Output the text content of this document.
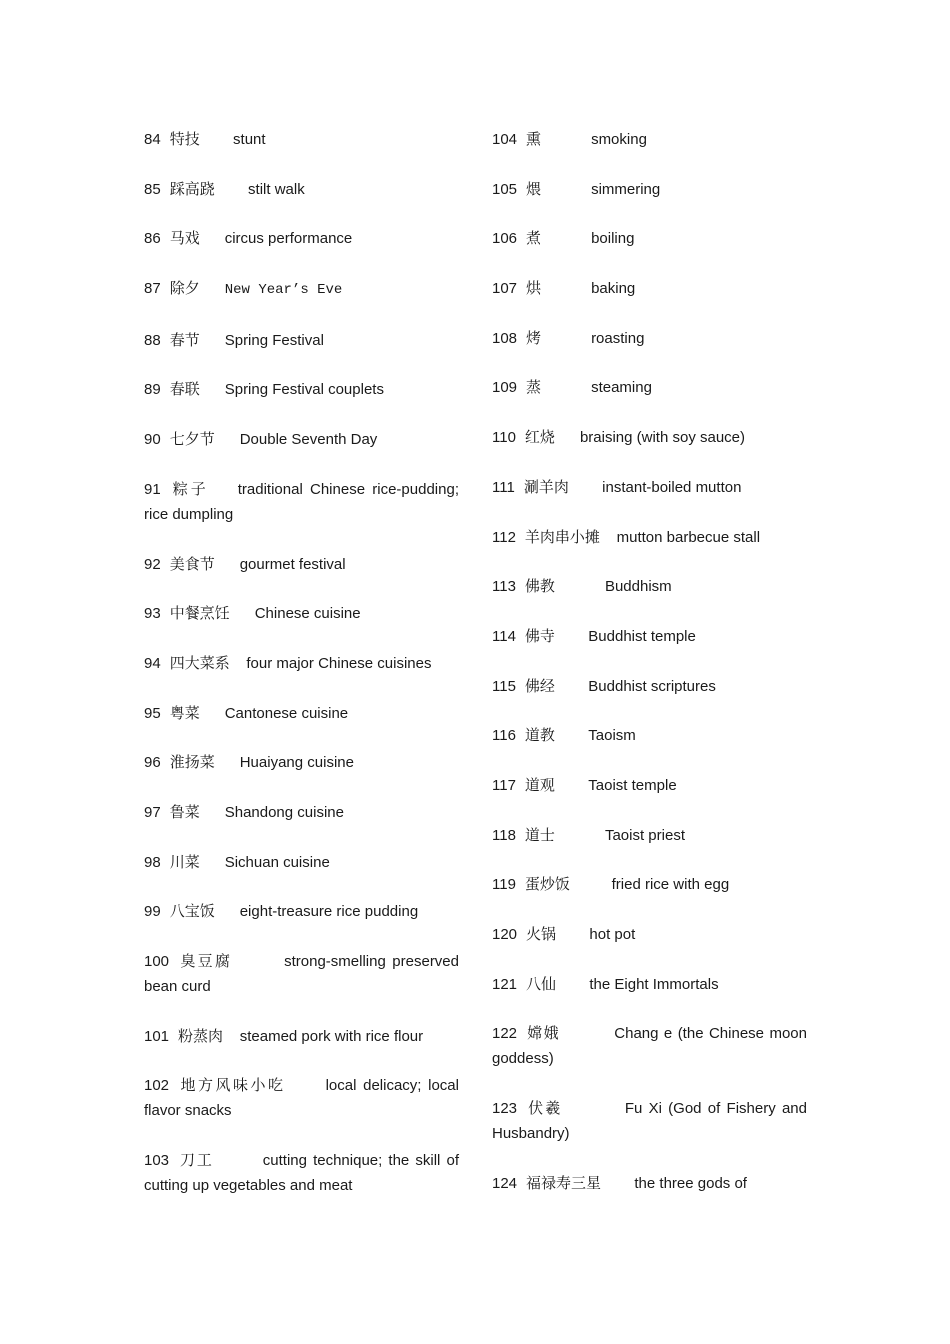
84 特技 stunt
85 踩高跷 stilt walk
86 马戏 circus performance
87 除夕 New Year’s Eve
88 春节 Spring Festival
89 春联 Spring Festival couplets
90 七夕节 Double Seventh Day
91 粽子 traditional Chinese rice-pudding; rice dumpling
92 美食节 gourmet festival
93 中餐烹饪 Chinese cuisine
94 四大菜系 four major Chinese cuisines
95 粤菜 Cantonese cuisine
96 淮扬菜 Huaiyang cuisine
97 鲁菜 Shandong cuisine
98 川菜 Sichuan cuisine
99 八宝饭 eight-treasure rice pudding
100 臭豆腐	strong-smelling preserved bean curd
101 粉蒸肉 steamed pork with rice flour
102 地方风味小吃	local delicacy; local flavor snacks
103 刀工	cutting technique; the skill of cutting up vegetables and meat
104 熏	smoking
105 煨	simmering
106 煮	boiling
107 烘	baking
108 烤	roasting
109 蒸	steaming
110 红烧 braising (with soy sauce)
111 涮羊肉 instant-boiled mutton
112 羊肉串小摊 mutton barbecue stall
113 佛教	Buddhism
114 佛寺 Buddhist temple
115 佛经 Buddhist scriptures
116 道教 Taoism
117 道观 Taoist temple
118 道士	Taoist priest
119 蛋炒饭	fried rice with egg
120 火锅 hot pot
121 八仙 the Eight Immortals
122 嫦娥	Chang e (the Chinese moon goddess)
123 伏羲	Fu Xi (God of Fishery and Husbandry)
124 福禄寿三星 the three gods of
